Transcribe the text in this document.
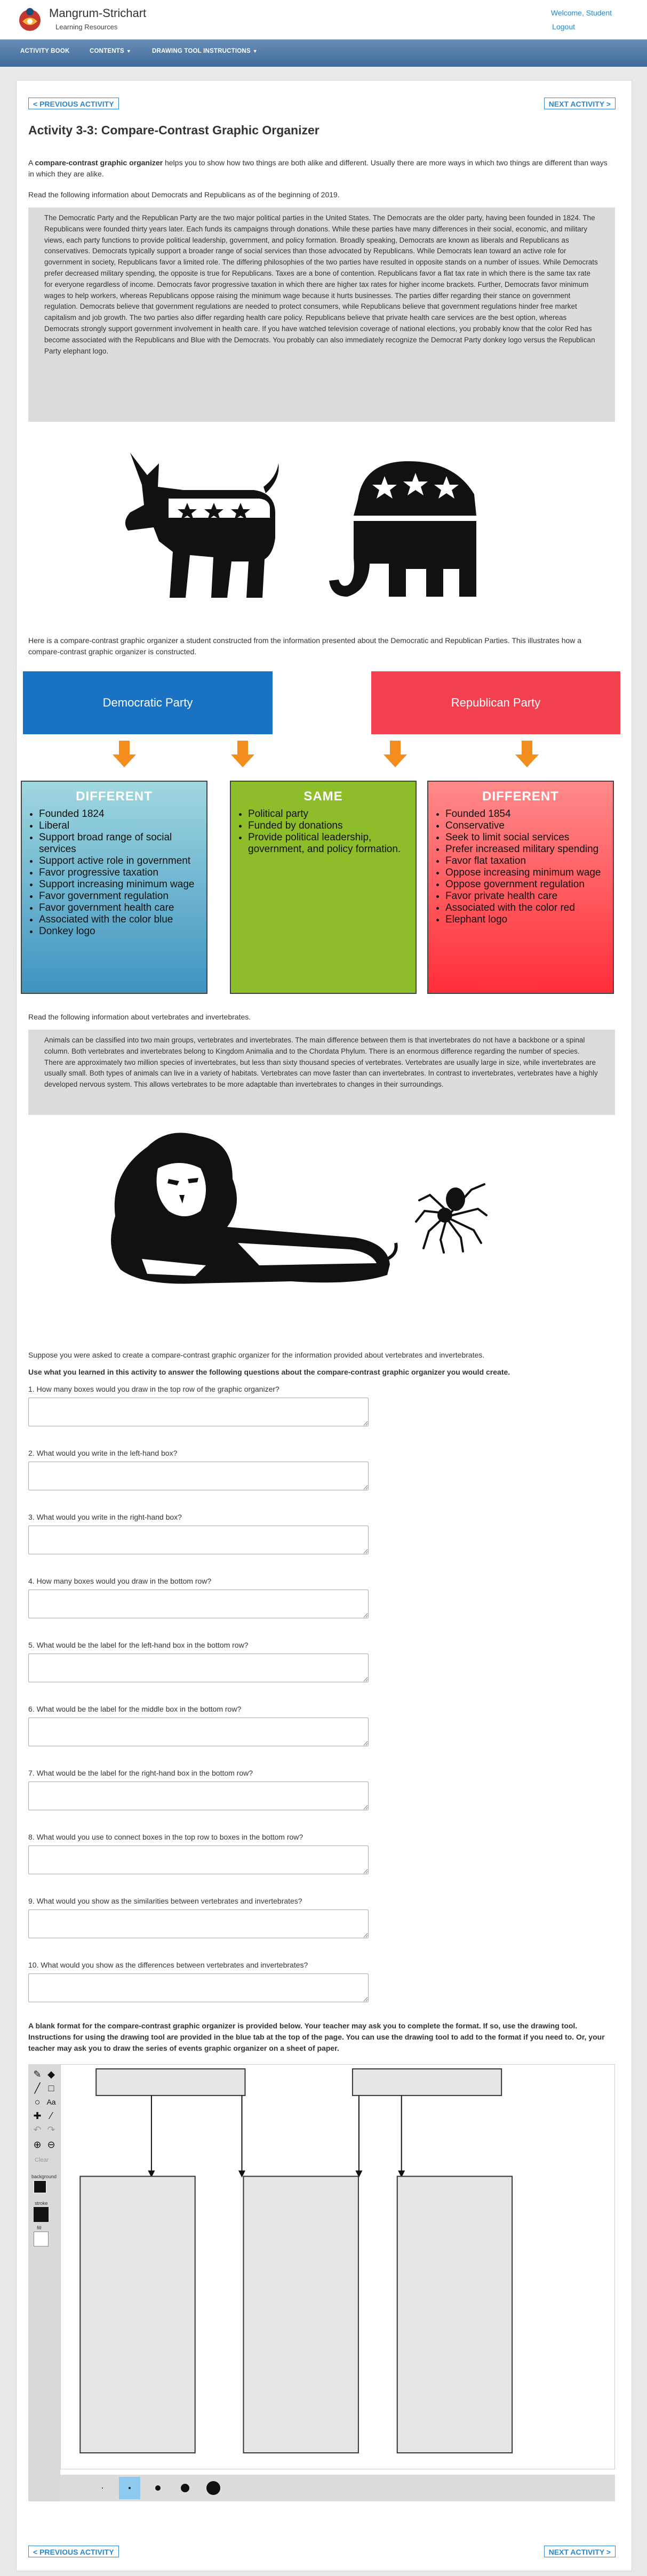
Mangrum-Strichart
Learning Resources
Welcome, Student
Logout
ACTIVITY BOOK	CONTENTS ▼	DRAWING TOOL INSTRUCTIONS ▼
< PREVIOUS ACTIVITY	NEXT ACTIVITY >
Activity 3-3: Compare-Contrast Graphic Organizer

A compare-contrast graphic organizer helps you to show how two things are both alike and different. Usually there are more ways in which two things are different than ways in which they are alike.

Read the following information about Democrats and Republicans as of the beginning of 2019.

The Democratic Party and the Republican Party are the two major political parties in the United States. The Democrats are the older party, having been founded in 1824. The Republicans were founded thirty years later. Each funds its campaigns through donations. While these parties have many differences in their social, economic, and military views, each party functions to provide political leadership, government, and policy formation. Broadly speaking, Democrats are known as liberals and Republicans as conservatives. Democrats typically support a broader range of social services than those advocated by Republicans. While Democrats lean toward an active role for government in society, Republicans favor a limited role. The differing philosophies of the two parties have resulted in opposite stands on a number of issues. While Democrats prefer decreased military spending, the opposite is true for Republicans. Taxes are a bone of contention. Republicans favor a flat tax rate in which there is the same tax rate for everyone regardless of income. Democrats favor progressive taxation in which there are higher tax rates for higher income brackets. Further, Democrats favor minimum wages to help workers, whereas Republicans oppose raising the minimum wage because it hurts businesses. The parties differ regarding their stance on government regulation. Democrats believe that government regulations are needed to protect consumers, while Republicans believe that government regulations hinder free market capitalism and job growth. The two parties also differ regarding health care policy. Republicans believe that private health care services are the best option, whereas Democrats strongly support government involvement in health care. If you have watched television coverage of national elections, you probably know that the color Red has become associated with the Republicans and Blue with the Democrats. You probably can also immediately recognize the Democrat Party donkey logo versus the Republican Party elephant logo.

Here is a compare-contrast graphic organizer a student constructed from the information presented about the Democratic and Republican Parties. This illustrates how a compare-contrast graphic organizer is constructed.

Democratic Party	Republican Party
DIFFERENT
• Founded 1824
• Liberal
• Support broad range of social services
• Support active role in government
• Favor progressive taxation
• Support increasing minimum wage
• Favor government regulation
• Favor government health care
• Associated with the color blue
• Donkey logo
SAME
• Political party
• Funded by donations
• Provide political leadership, government, and policy formation.
DIFFERENT
• Founded 1854
• Conservative
• Seek to limit social services
• Prefer increased military spending
• Favor flat taxation
• Oppose increasing minimum wage
• Oppose government regulation
• Favor private health care
• Associated with the color red
• Elephant logo

Read the following information about vertebrates and invertebrates.

Animals can be classified into two main groups, vertebrates and invertebrates. The main difference between them is that invertebrates do not have a backbone or a spinal column. Both vertebrates and invertebrates belong to Kingdom Animalia and to the Chordata Phylum. There is an enormous difference regarding the number of species. There are approximately two million species of invertebrates, but less than sixty thousand species of vertebrates. Vertebrates are usually large in size, while invertebrates are usually small. Both types of animals can live in a variety of habitats. Vertebrates can move faster than can invertebrates. In contrast to invertebrates, vertebrates have a highly developed nervous system. This allows vertebrates to be more adaptable than invertebrates to changes in their surroundings.

Suppose you were asked to create a compare-contrast graphic organizer for the information provided about vertebrates and invertebrates.

Use what you learned in this activity to answer the following questions about the compare-contrast graphic organizer you would create.

1. How many boxes would you draw in the top row of the graphic organizer?
2. What would you write in the left-hand box?
3. What would you write in the right-hand box?
4. How many boxes would you draw in the bottom row?
5. What would be the label for the left-hand box in the bottom row?
6. What would be the label for the middle box in the bottom row?
7. What would be the label for the right-hand box in the bottom row?
8. What would you use to connect boxes in the top row to boxes in the bottom row?
9. What would you show as the similarities between vertebrates and invertebrates?
10. What would you show as the differences between vertebrates and invertebrates?

A blank format for the compare-contrast graphic organizer is provided below. Your teacher may ask you to complete the format. If so, use the drawing tool. Instructions for using the drawing tool are provided in the blue tab at the top of the page. You can use the drawing tool to add to the format if you need to. Or, your teacher may ask you to draw the series of events graphic organizer on a sheet of paper.

✎ ◆
╱ □
○ Aa
✚ ⁄
↶ ↷
⊕ ⊖
Clear
background
stroke
fill
< PREVIOUS ACTIVITY	NEXT ACTIVITY >
